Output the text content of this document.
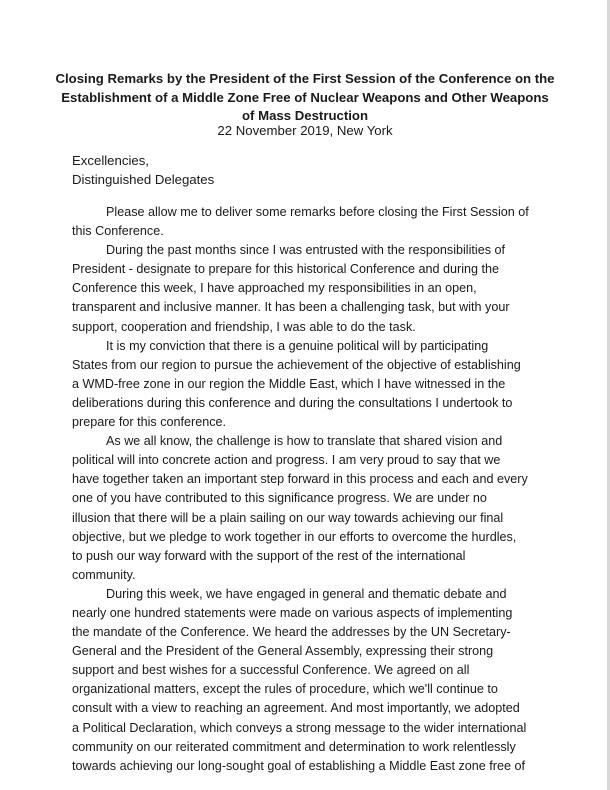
Closing Remarks by the President of the First Session of the Conference on the
Establishment of a Middle Zone Free of Nuclear Weapons and Other Weapons
of Mass Destruction
22 November 2019, New York
Excellencies,
Distinguished Delegates
Please allow me to deliver some remarks before closing the First Session of
this Conference.
During the past months since I was entrusted with the responsibilities of
President - designate to prepare for this historical Conference and during the
Conference this week, I have approached my responsibilities in an open,
transparent and inclusive manner. It has been a challenging task, but with your
support, cooperation and friendship, I was able to do the task.
It is my conviction that there is a genuine political will by participating
States from our region to pursue the achievement of the objective of establishing
a WMD-free zone in our region the Middle East, which I have witnessed in the
deliberations during this conference and during the consultations I undertook to
prepare for this conference.
As we all know, the challenge is how to translate that shared vision and
political will into concrete action and progress. I am very proud to say that we
have together taken an important step forward in this process and each and every
one of you have contributed to this significance progress. We are under no
illusion that there will be a plain sailing on our way towards achieving our final
objective, but we pledge to work together in our efforts to overcome the hurdles,
to push our way forward with the support of the rest of the international
community.
During this week, we have engaged in general and thematic debate and
nearly one hundred statements were made on various aspects of implementing
the mandate of the Conference. We heard the addresses by the UN Secretary-
General and the President of the General Assembly, expressing their strong
support and best wishes for a successful Conference. We agreed on all
organizational matters, except the rules of procedure, which we'll continue to
consult with a view to reaching an agreement. And most importantly, we adopted
a Political Declaration, which conveys a strong message to the wider international
community on our reiterated commitment and determination to work relentlessly
towards achieving our long-sought goal of establishing a Middle East zone free of
